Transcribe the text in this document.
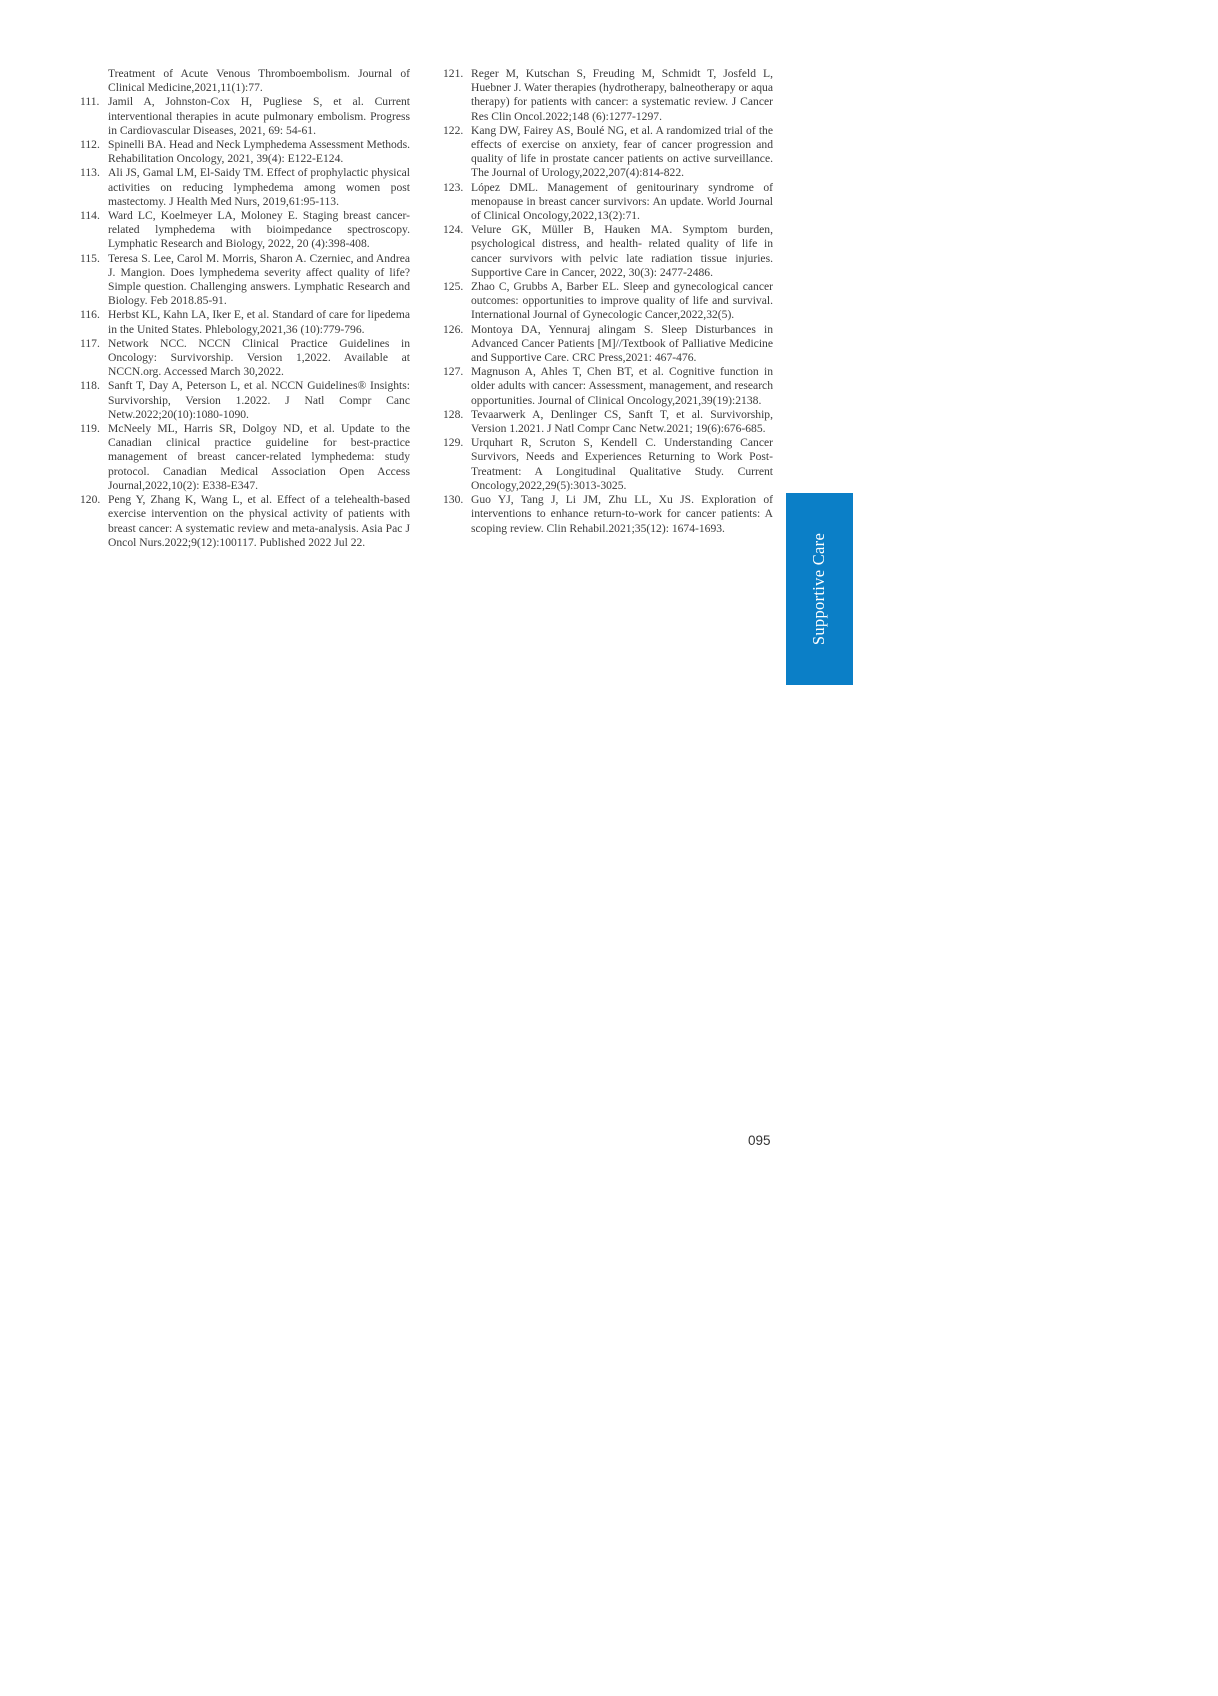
Treatment of Acute Venous Thromboembolism. Journal of Clinical Medicine,2021,11(1):77.

111. Jamil A, Johnston-Cox H, Pugliese S, et al. Current interventional therapies in acute pulmonary embolism. Progress in Cardiovascular Diseases, 2021, 69: 54-61.

112. Spinelli BA. Head and Neck Lymphedema Assessment Methods. Rehabilitation Oncology, 2021, 39(4): E122-E124.

113. Ali JS, Gamal LM, El-Saidy TM. Effect of prophylactic physical activities on reducing lymphedema among women post mastectomy. J Health Med Nurs, 2019,61:95-113.

114. Ward LC, Koelmeyer LA, Moloney E. Staging breast cancer-related lymphedema with bioimpedance spectroscopy. Lymphatic Research and Biology, 2022, 20 (4):398-408.

115. Teresa S. Lee, Carol M. Morris, Sharon A. Czerniec, and Andrea J. Mangion. Does lymphedema severity affect quality of life? Simple question. Challenging answers. Lymphatic Research and Biology. Feb 2018.85-91.

116. Herbst KL, Kahn LA, Iker E, et al. Standard of care for lipedema in the United States. Phlebology,2021,36 (10):779-796.

117. Network NCC. NCCN Clinical Practice Guidelines in Oncology: Survivorship. Version 1,2022. Available at NCCN.org. Accessed March 30,2022.

118. Sanft T, Day A, Peterson L, et al. NCCN Guidelines® Insights: Survivorship, Version 1.2022. J Natl Compr Canc Netw.2022;20(10):1080-1090.

119. McNeely ML, Harris SR, Dolgoy ND, et al. Update to the Canadian clinical practice guideline for best-practice management of breast cancer-related lymphedema: study protocol. Canadian Medical Association Open Access Journal,2022,10(2): E338-E347.

120. Peng Y, Zhang K, Wang L, et al. Effect of a telehealth-based exercise intervention on the physical activity of patients with breast cancer: A systematic review and meta-analysis. Asia Pac J Oncol Nurs.2022;9(12):100117. Published 2022 Jul 22.

121. Reger M, Kutschan S, Freuding M, Schmidt T, Josfeld L, Huebner J. Water therapies (hydrotherapy, balneotherapy or aqua therapy) for patients with cancer: a systematic review. J Cancer Res Clin Oncol.2022;148 (6):1277-1297.

122. Kang DW, Fairey AS, Boulé NG, et al. A randomized trial of the effects of exercise on anxiety, fear of cancer progression and quality of life in prostate cancer patients on active surveillance. The Journal of Urology,2022,207(4):814-822.

123. López DML. Management of genitourinary syndrome of menopause in breast cancer survivors: An update. World Journal of Clinical Oncology,2022,13(2):71.

124. Velure GK, Müller B, Hauken MA. Symptom burden, psychological distress, and health- related quality of life in cancer survivors with pelvic late radiation tissue injuries. Supportive Care in Cancer, 2022, 30(3): 2477-2486.

125. Zhao C, Grubbs A, Barber EL. Sleep and gynecological cancer outcomes: opportunities to improve quality of life and survival. International Journal of Gynecologic Cancer,2022,32(5).

126. Montoya DA, Yennuraj alingam S. Sleep Disturbances in Advanced Cancer Patients [M]//Textbook of Palliative Medicine and Supportive Care. CRC Press,2021: 467-476.

127. Magnuson A, Ahles T, Chen BT, et al. Cognitive function in older adults with cancer: Assessment, management, and research opportunities. Journal of Clinical Oncology,2021,39(19):2138.

128. Tevaarwerk A, Denlinger CS, Sanft T, et al. Survivorship, Version 1.2021. J Natl Compr Canc Netw.2021; 19(6):676-685.

129. Urquhart R, Scruton S, Kendell C. Understanding Cancer Survivors, Needs and Experiences Returning to Work Post-Treatment: A Longitudinal Qualitative Study. Current Oncology,2022,29(5):3013-3025.

130. Guo YJ, Tang J, Li JM, Zhu LL, Xu JS. Exploration of interventions to enhance return-to-work for cancer patients: A scoping review. Clin Rehabil.2021;35(12): 1674-1693.

Supportive Care
095
